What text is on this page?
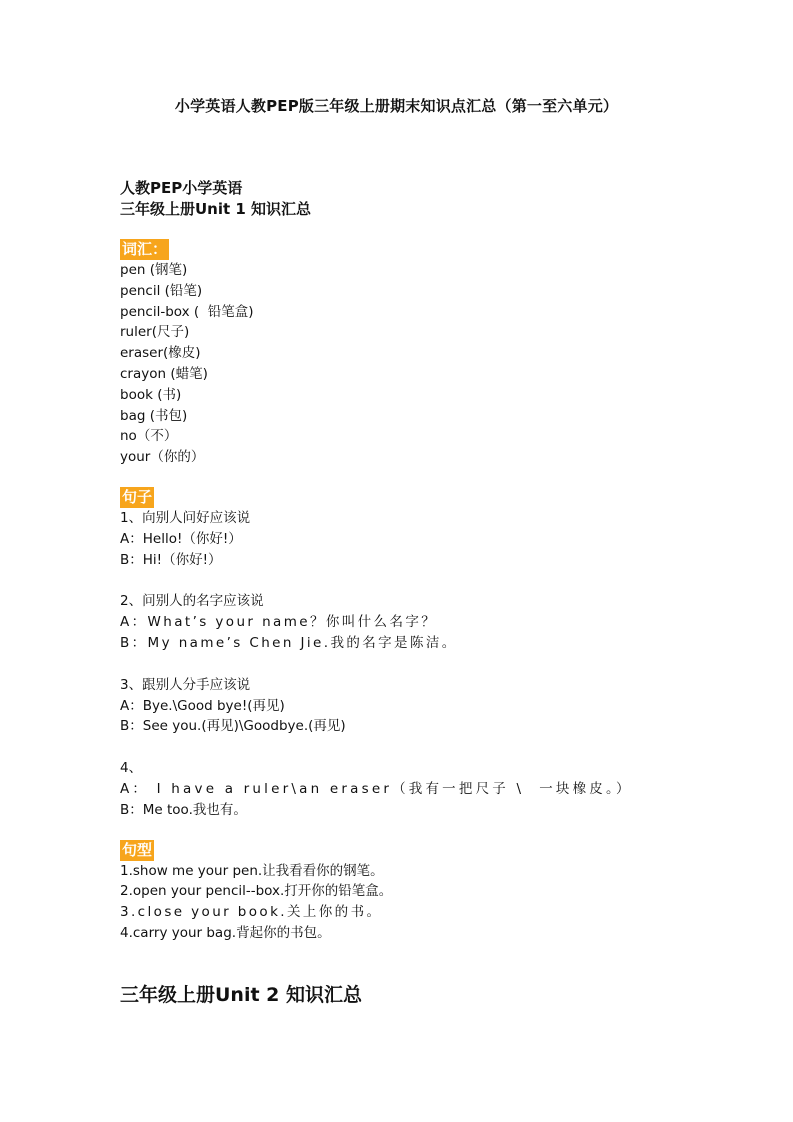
小学英语人教PEP版三年级上册期末知识点汇总（第一至六单元）
人教PEP小学英语
三年级上册Unit 1 知识汇总
词汇：
pen (钢笔)
pencil (铅笔)
pencil-box (  铅笔盒)
ruler(尺子)
eraser(橡皮)
crayon (蜡笔)
book (书)
bag (书包)
no（不）
your（你的）
句子
1、向别人问好应该说
A：Hello!（你好!）
B：Hi!（你好!）
2、问别人的名字应该说
A：What’s your name？你叫什么名字？
B：My name’s Chen Jie.我的名字是陈洁。
3、跟别人分手应该说
A：Bye.\Good bye!(再见)
B：See you.(再见)\Goodbye.(再见)
4、
A： I have a ruler\an eraser（我有一把尺子 \  一块橡皮。）
B：Me too.我也有。
句型
1.show me your pen.让我看看你的钢笔。
2.open your pencil--box.打开你的铅笔盒。
3.close your book.关上你的书。
4.carry your bag.背起你的书包。
三年级上册Unit 2 知识汇总
